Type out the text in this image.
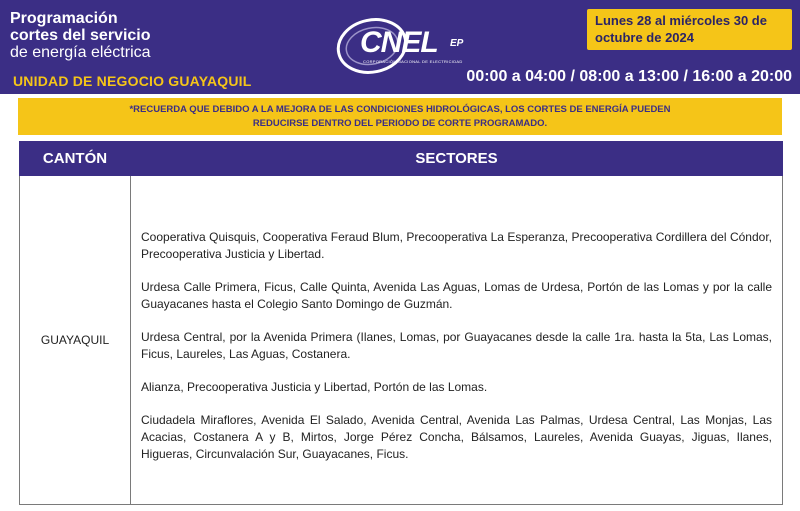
Programación
cortes del servicio
de energía eléctrica
UNIDAD DE NEGOCIO GUAYAQUIL
CNEL EP
CORPORACIÓN NACIONAL DE ELECTRICIDAD
Lunes 28 al miércoles 30 de octubre de 2024
00:00 a 04:00 / 08:00 a 13:00 / 16:00 a 20:00
*RECUERDA QUE DEBIDO A LA MEJORA DE LAS CONDICIONES HIDROLÓGICAS, LOS CORTES DE ENERGÍA PUEDEN REDUCIRSE DENTRO DEL PERIODO DE CORTE PROGRAMADO.
CANTÓN	SECTORES
GUAYAQUIL	Cooperativa Quisquis, Cooperativa Feraud Blum, Precooperativa La Esperanza, Precooperativa Cordillera del Cóndor, Precooperativa Justicia y Libertad.

Urdesa Calle Primera, Ficus, Calle Quinta, Avenida Las Aguas, Lomas de Urdesa, Portón de las Lomas y por la calle Guayacanes hasta el Colegio Santo Domingo de Guzmán.

Urdesa Central, por la Avenida Primera (Ilanes, Lomas, por Guayacanes desde la calle 1ra. hasta la 5ta, Las Lomas, Ficus, Laureles, Las Aguas, Costanera.

Alianza, Precooperativa Justicia y Libertad, Portón de las Lomas.

Ciudadela Miraflores, Avenida El Salado, Avenida Central, Avenida Las Palmas, Urdesa Central, Las Monjas, Las Acacias, Costanera A y B, Mirtos, Jorge Pérez Concha, Bálsamos, Laureles, Avenida Guayas, Jiguas, Ilanes, Higueras, Circunvalación Sur, Guayacanes, Ficus.
